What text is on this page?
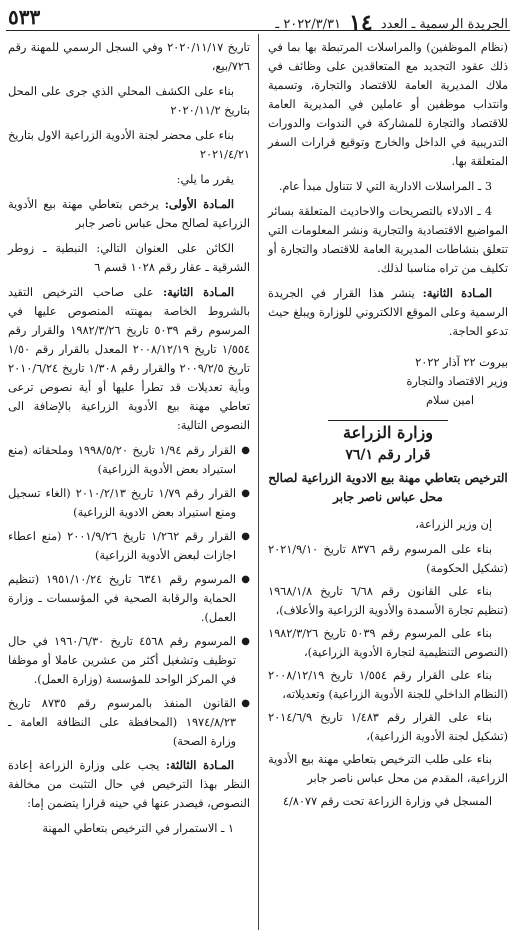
الجريدة الرسمية ـ العدد ١٤ ٢٠٢٢/٣/٣١ ـ
٥٣٣

(نظام الموظفين) والمراسلات المرتبطة بها بما في ذلك عقود التجديد مع المتعاقدين على وظائف في ملاك المديرية العامة للاقتصاد والتجارة، وتسمية وانتداب موظفين أو عاملين في المديرية العامة للاقتصاد والتجارة للمشاركة في الندوات والدورات التدريبية في الداخل والخارج وتوقيع قرارات السفر المتعلقة بها.

3 ـ المراسلات الادارية التي لا تتناول مبدأ عام.

4 ـ الادلاء بالتصريحات والاحاديث المتعلقة بسائر المواضيع الاقتصادية والتجارية ونشر المعلومات التي تتعلق بنشاطات المديرية العامة للاقتصاد والتجارة أو تكليف من تراه مناسبا لذلك.

المـادة الثانية: ينشر هذا القرار في الجريدة الرسمية وعلى الموقع الالكتروني للوزارة ويبلغ حيث تدعو الحاجة.

بيروت ٢٢ آذار ٢٠٢٢

وزير الاقتصاد والتجارة

امين سلام

وزارة الزراعة
قرار رقم ٧٦/١
الترخيص بتعاطي مهنة بيع الادوية الزراعية لصالح محل عباس ناصر جابر

إن وزير الزراعة،

بناء على المرسوم رقم ٨٣٧٦ تاريخ ٢٠٢١/٩/١٠ (تشكيل الحكومة)

بناء على القانون رقم ٦/٦٨ تاريخ ١٩٦٨/١/٨ (تنظيم تجارة الأسمدة والأدوية الزراعية والأعلاف)،

بناء على المرسوم رقم ٥٠٣٩ تاريخ ١٩٨٢/٣/٢٦ (النصوص التنظيمية لتجارة الأدوية الزراعية)،

بناء على القرار رقم ١/٥٥٤ تاريخ ٢٠٠٨/١٢/١٩ (النظام الداخلي للجنة الأدوية الزراعية) وتعديلاته،

بناء على القرار رقم ١/٤٨٣ تاريخ ٢٠١٤/٦/٩ (تشكيل لجنة الأدوية الزراعية)،

بناء على طلب الترخيص بتعاطي مهنة بيع الأدوية الزراعية، المقدم من محل عباس ناصر جابر

المسجل في وزارة الزراعة تحت رقم ٤/٨٠٧٧

تاريخ ٢٠٢٠/١١/١٧ وفي السجل الرسمي للمهنة رقم ٧٢٦/بيع،

بناء على الكشف المحلي الذي جرى على المحل بتاريخ ٢٠٢٠/١١/٢

بناء على محضر لجنة الأدوية الزراعية الاول بتاريخ ٢٠٢١/٤/٢١

يقرر ما يلي:

المـادة الأولى: يرخص بتعاطي مهنة بيع الأدوية الزراعية لصالح محل عباس ناصر جابر

الكائن على العنوان التالي: النبطية ـ زوطر الشرقية ـ عقار رقم ١٠٢٨ قسم ٦

المـادة الثانية: على صاحب الترخيص التقيد بالشروط الخاصة بمهنته المنصوص عليها في المرسوم رقم ٥٠٣٩ تاريخ ١٩٨٢/٣/٢٦ والقرار رقم ١/٥٥٤ تاريخ ٢٠٠٨/١٢/١٩ المعدل بالقرار رقم ١/٥٠ تاريخ ٢٠٠٩/٢/٥ والقرار رقم ١/٣٠٨ تاريخ ٢٠١٠/٦/٢٤ وبأية تعديلات قد تطرأ عليها أو أية نصوص ترعى تعاطي مهنة بيع الأدوية الزراعية بالإضافة الى النصوص التالية:

● القرار رقم ١/٩٤ تاريخ ١٩٩٨/٥/٢٠ وملحقاته (منع استيراد بعض الأدوية الزراعية)
● القرار رقم ١/٧٩ تاريخ ٢٠١٠/٢/١٣ (الغاء تسجيل ومنع استيراد بعض الادوية الزراعية)
● القرار رقم ١/٢٦٢ تاريخ ٢٠٠١/٩/٢٦ (منع اعطاء اجازات لبعض الأدوية الزراعية)
● المرسوم رقم ٦٣٤١ تاريخ ١٩٥١/١٠/٢٤ (تنظيم الحماية والرقابة الصحية في المؤسسات ـ وزارة العمل).
● المرسوم رقم ٤٥٦٨ تاريخ ١٩٦٠/٦/٣٠ في حال توظيف وتشغيل أكثر من عشرين عاملا أو موظفا في المركز الواحد للمؤسسة (وزارة العمل).
● القانون المنفذ بالمرسوم رقم ٨٧٣٥ تاريخ ١٩٧٤/٨/٢٣ (المحافظة على النظافة العامة ـ وزارة الصحة)

المـادة الثالثة: يجب على وزارة الزراعة إعادة النظر بهذا الترخيص في حال التثبت من مخالفة النصوص، فيصدر عنها في حينه قرارا يتضمن إما:

١ ـ الاستمرار في الترخيص بتعاطي المهنة
